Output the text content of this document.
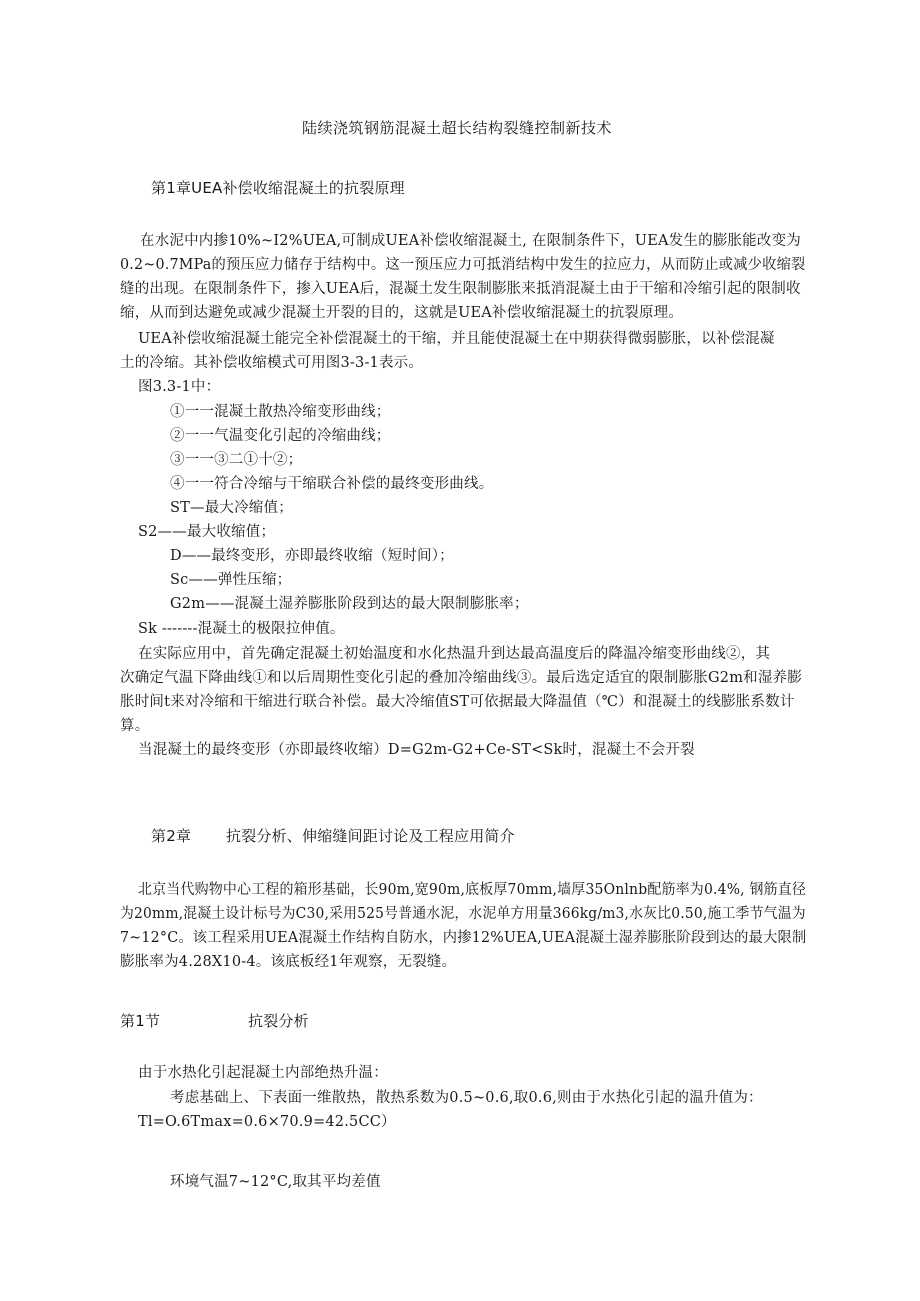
陆续浇筑钢筋混凝土超长结构裂缝控制新技术
第1章UEA补偿收缩混凝土的抗裂原理
在水泥中内掺10%~I2%UEA,可制成UEA补偿收缩混凝土, 在限制条件下，UEA发生的膨胀能改变为
0.2~0.7MPa的预压应力储存于结构中。这一预压应力可抵消结构中发生的拉应力，从而防止或减少收缩裂
缝的出现。在限制条件下，掺入UEA后，混凝土发生限制膨胀来抵消混凝土由于干缩和冷缩引起的限制收
缩，从而到达避免或减少混凝土开裂的目的，这就是UEA补偿收缩混凝土的抗裂原理。
UEA补偿收缩混凝土能完全补偿混凝土的干缩，并且能使混凝土在中期获得微弱膨胀，以补偿混凝
土的冷缩。其补偿收缩模式可用图3-3-1表示。
图3.3-1中：
①一一混凝土散热冷缩变形曲线；
②一一气温变化引起的冷缩曲线；
③一一③二①十②；
④一一符合冷缩与干缩联合补偿的最终变形曲线。
ST—最大冷缩值；
S2——最大收缩值；
D——最终变形，亦即最终收缩（短时间）；
Sc——弹性压缩；
G2m——混凝土湿养膨胀阶段到达的最大限制膨胀率；
Sk -------混凝土的极限拉伸值。
在实际应用中，首先确定混凝土初始温度和水化热温升到达最高温度后的降温冷缩变形曲线②，其
次确定气温下降曲线①和以后周期性变化引起的叠加冷缩曲线③。最后选定适宜的限制膨胀G2m和湿养膨
胀时间t来对冷缩和干缩进行联合补偿。最大冷缩值ST可依据最大降温值（℃）和混凝土的线膨胀系数计
算。
当混凝土的最终变形（亦即最终收缩）D=G2m-G2+Ce-ST<Sk时，混凝土不会开裂
第2章 抗裂分析、伸缩缝间距讨论及工程应用简介
北京当代购物中心工程的箱形基础，长90m,宽90m,底板厚70mm,墙厚35Onlnb配筋率为0.4%, 钢筋直径
为20mm,混凝土设计标号为C30,采用525号普通水泥，水泥单方用量366kg/m3,水灰比0.50,施工季节气温为
7~12°C。该工程采用UEA混凝土作结构自防水，内掺12%UEA,UEA混凝土湿养膨胀阶段到达的最大限制
膨胀率为4.28X10-4。该底板经1年观察，无裂缝。
第1节	抗裂分析
由于水热化引起混凝土内部绝热升温：
考虑基础上、下表面一维散热，散热系数为0.5~0.6,取0.6,则由于水热化引起的温升值为：
Tl=O.6Tmax=0.6×70.9=42.5CC）
环境气温7~12°C,取其平均差值
